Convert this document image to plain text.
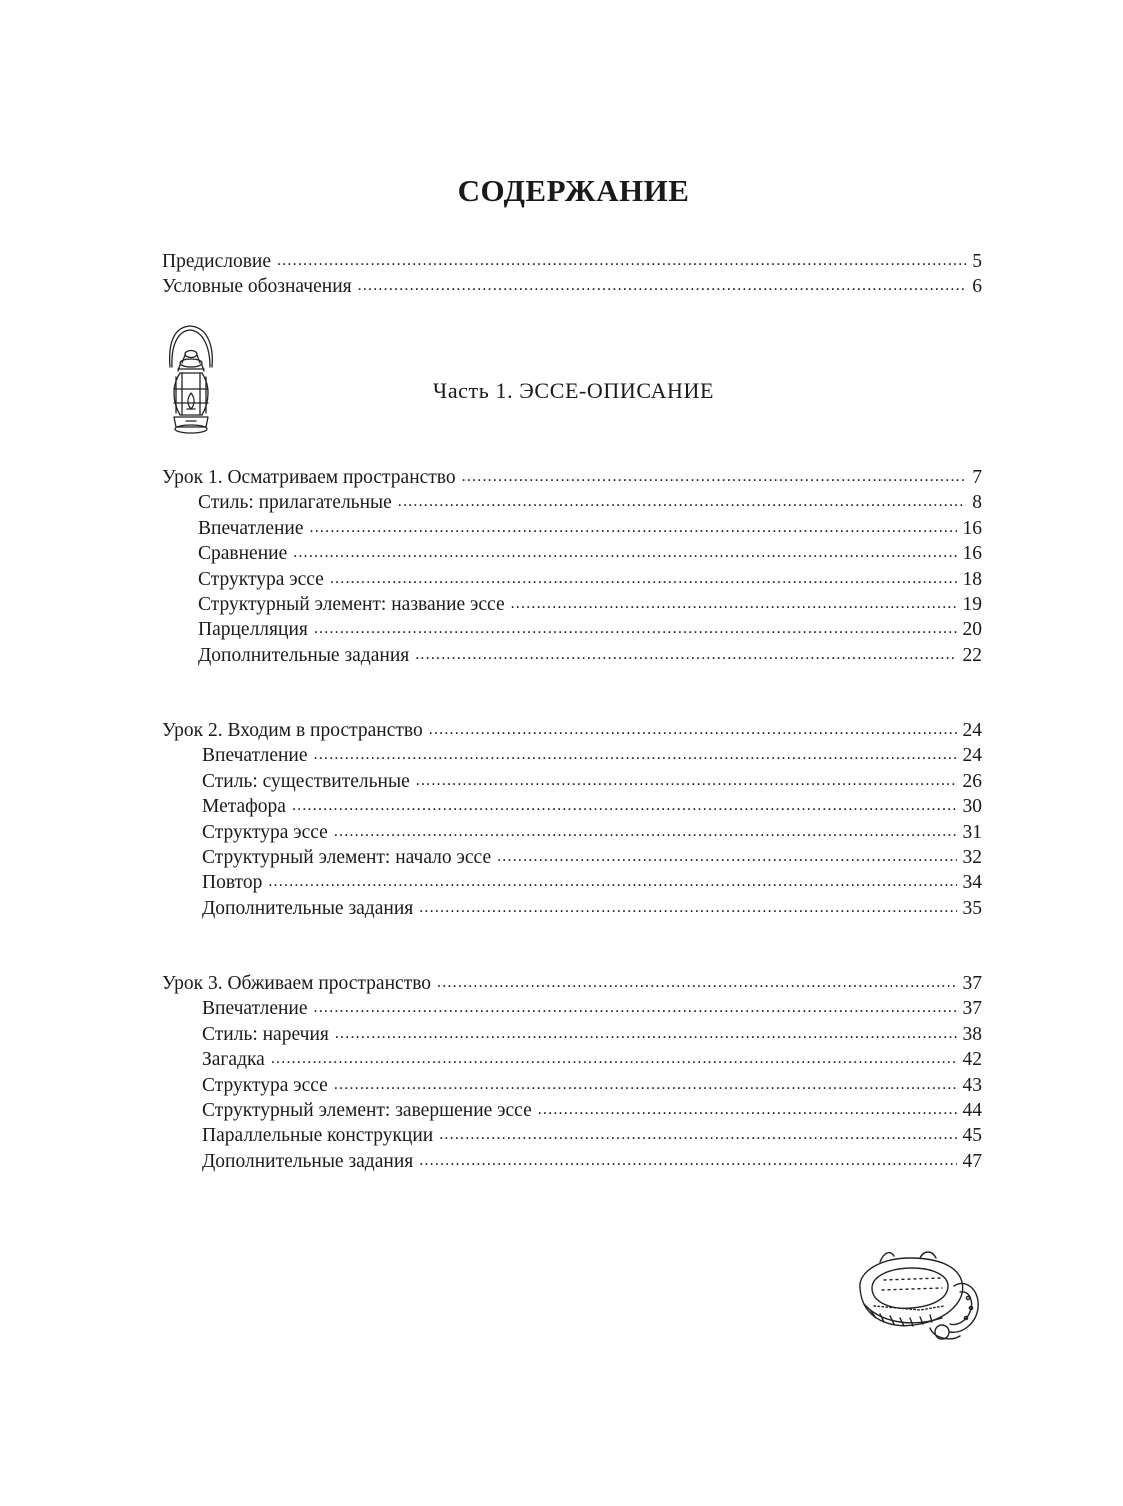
СОДЕРЖАНИЕ
Предисловие .....	5
Условные обозначения .....	6
Часть 1. ЭССЕ-ОПИСАНИЕ
Урок 1. Осматриваем пространство .....	7
Стиль: прилагательные .....	8
Впечатление .....	16
Сравнение .....	16
Структура эссе .....	18
Структурный элемент: название эссе .....	19
Парцелляция .....	20
Дополнительные задания .....	22
Урок 2. Входим в пространство .....	24
Впечатление .....	24
Стиль: существительные .....	26
Метафора .....	30
Структура эссе .....	31
Структурный элемент: начало эссе .....	32
Повтор .....	34
Дополнительные задания .....	35
Урок 3. Обживаем пространство .....	37
Впечатление .....	37
Стиль: наречия .....	38
Загадка .....	42
Структура эссе .....	43
Структурный элемент: завершение эссе .....	44
Параллельные конструкции .....	45
Дополнительные задания .....	47
